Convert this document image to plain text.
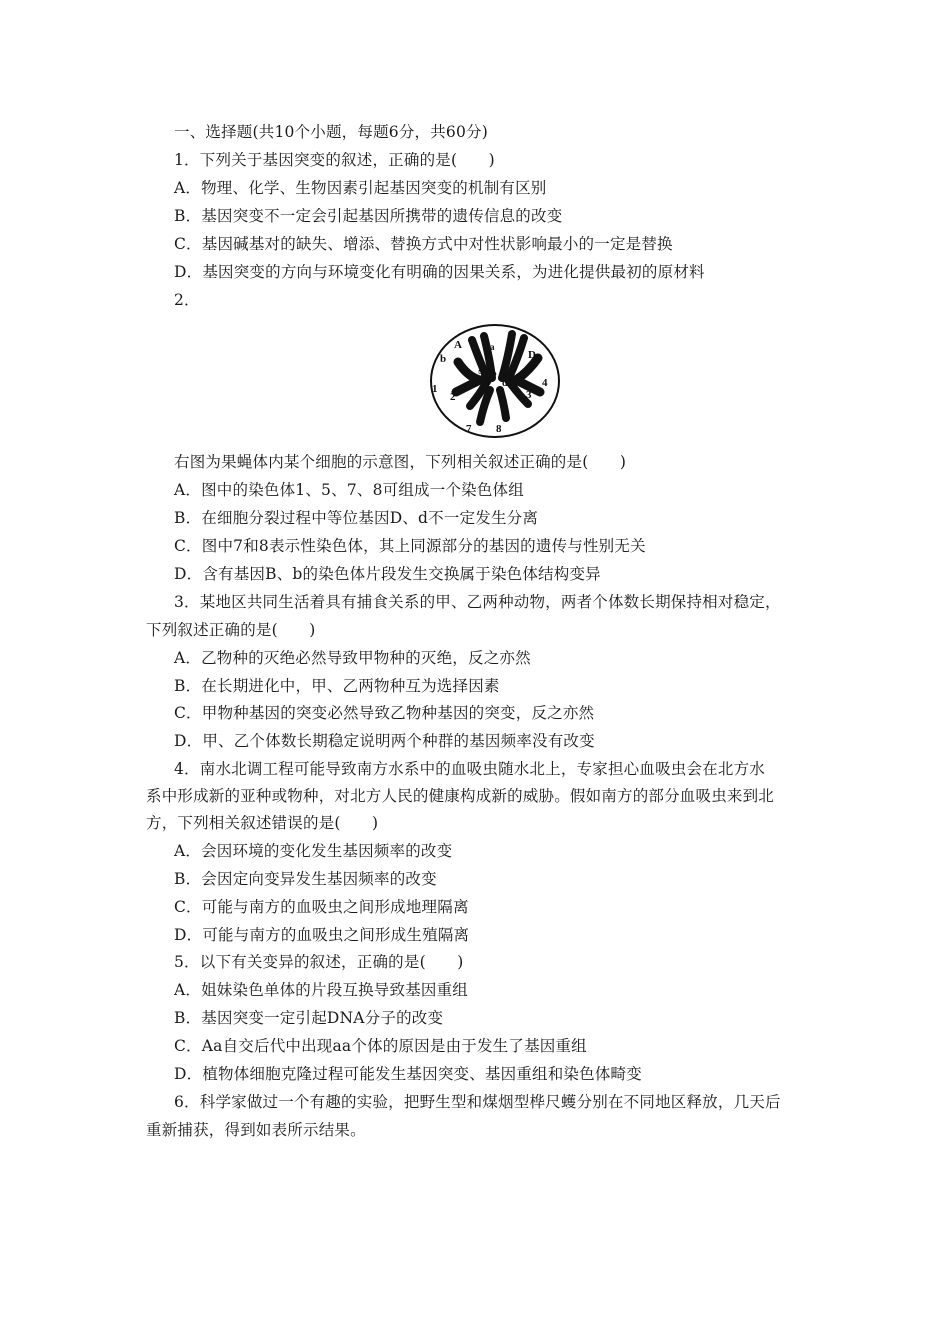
一、选择题(共10个小题，每题6分，共60分)
1．下列关于基因突变的叙述，正确的是(　　)
A．物理、化学、生物因素引起基因突变的机制有区别
B．基因突变不一定会引起基因所携带的遗传信息的改变
C．基因碱基对的缺失、增添、替换方式中对性状影响最小的一定是替换
D．基因突变的方向与环境变化有明确的因果关系，为进化提供最初的原材料
2．
A	a
b
B
D
d
1
2	3
4
5
6
7 8
右图为果蝇体内某个细胞的示意图，下列相关叙述正确的是(　　)
A．图中的染色体1、5、7、8可组成一个染色体组
B．在细胞分裂过程中等位基因D、d不一定发生分离
C．图中7和8表示性染色体，其上同源部分的基因的遗传与性别无关
D．含有基因B、b的染色体片段发生交换属于染色体结构变异
3．某地区共同生活着具有捕食关系的甲、乙两种动物，两者个体数长期保持相对稳定，
下列叙述正确的是(　　)
A．乙物种的灭绝必然导致甲物种的灭绝，反之亦然
B．在长期进化中，甲、乙两物种互为选择因素
C．甲物种基因的突变必然导致乙物种基因的突变，反之亦然
D．甲、乙个体数长期稳定说明两个种群的基因频率没有改变
4．南水北调工程可能导致南方水系中的血吸虫随水北上，专家担心血吸虫会在北方水
系中形成新的亚种或物种，对北方人民的健康构成新的威胁。假如南方的部分血吸虫来到北
方，下列相关叙述错误的是(　　)
A．会因环境的变化发生基因频率的改变
B．会因定向变异发生基因频率的改变
C．可能与南方的血吸虫之间形成地理隔离
D．可能与南方的血吸虫之间形成生殖隔离
5．以下有关变异的叙述，正确的是(　　)
A．姐妹染色单体的片段互换导致基因重组
B．基因突变一定引起DNA分子的改变
C．Aa自交后代中出现aa个体的原因是由于发生了基因重组
D．植物体细胞克隆过程可能发生基因突变、基因重组和染色体畸变
6．科学家做过一个有趣的实验，把野生型和煤烟型桦尺蠖分别在不同地区释放，几天后
重新捕获，得到如表所示结果。
